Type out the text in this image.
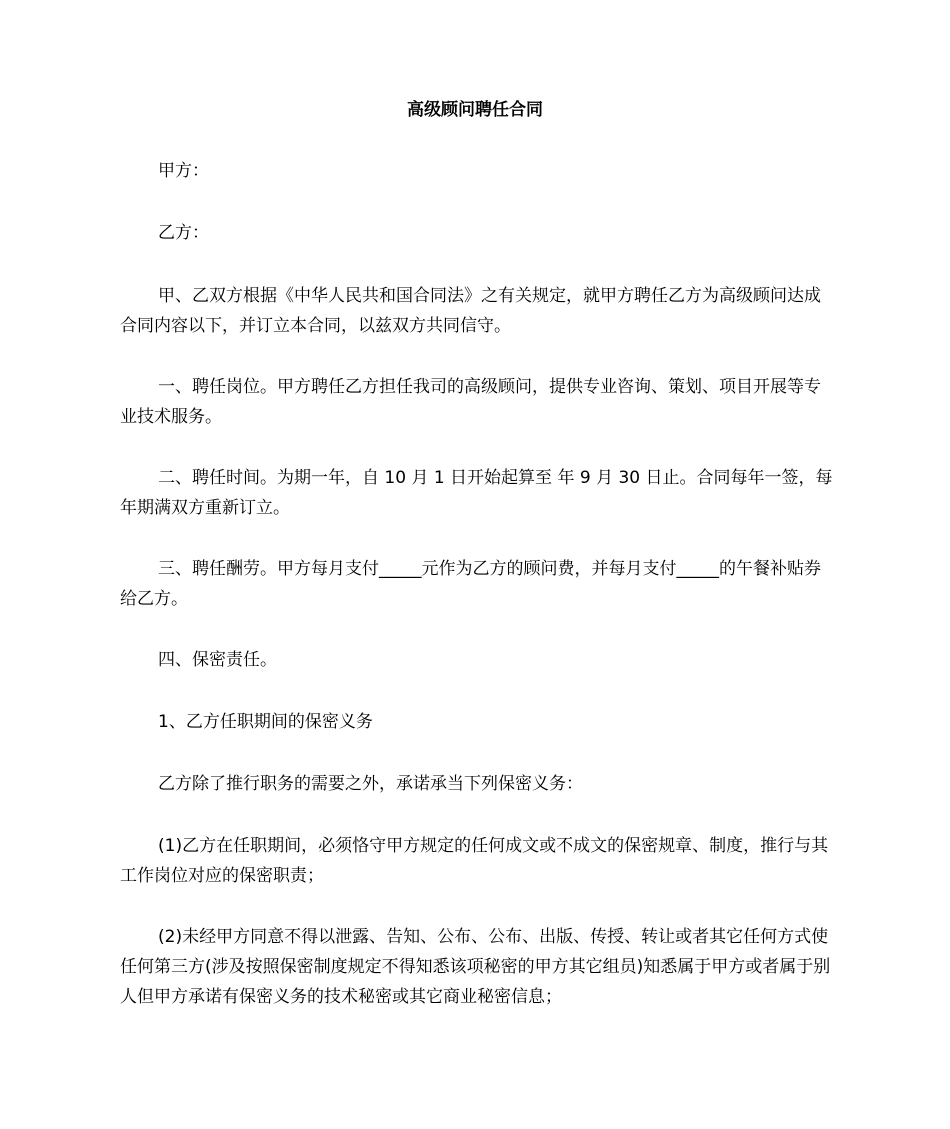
高级顾问聘任合同

甲方：

乙方：

甲、乙双方根据《中华人民共和国合同法》之有关规定，就甲方聘任乙方为高级顾问达成合同内容以下，并订立本合同，以兹双方共同信守。

一、聘任岗位。甲方聘任乙方担任我司的高级顾问，提供专业咨询、策划、项目开展等专业技术服务。

二、聘任时间。为期一年，自 10 月 1 日开始起算至 年 9 月 30 日止。合同每年一签，每年期满双方重新订立。

三、聘任酬劳。甲方每月支付_____元作为乙方的顾问费，并每月支付_____的午餐补贴券给乙方。

四、保密责任。

1、乙方任职期间的保密义务

乙方除了推行职务的需要之外，承诺承当下列保密义务：

(1)乙方在任职期间，必须恪守甲方规定的任何成文或不成文的保密规章、制度，推行与其工作岗位对应的保密职责；

(2)未经甲方同意不得以泄露、告知、公布、公布、出版、传授、转让或者其它任何方式使任何第三方(涉及按照保密制度规定不得知悉该项秘密的甲方其它组员)知悉属于甲方或者属于别人但甲方承诺有保密义务的技术秘密或其它商业秘密信息；
